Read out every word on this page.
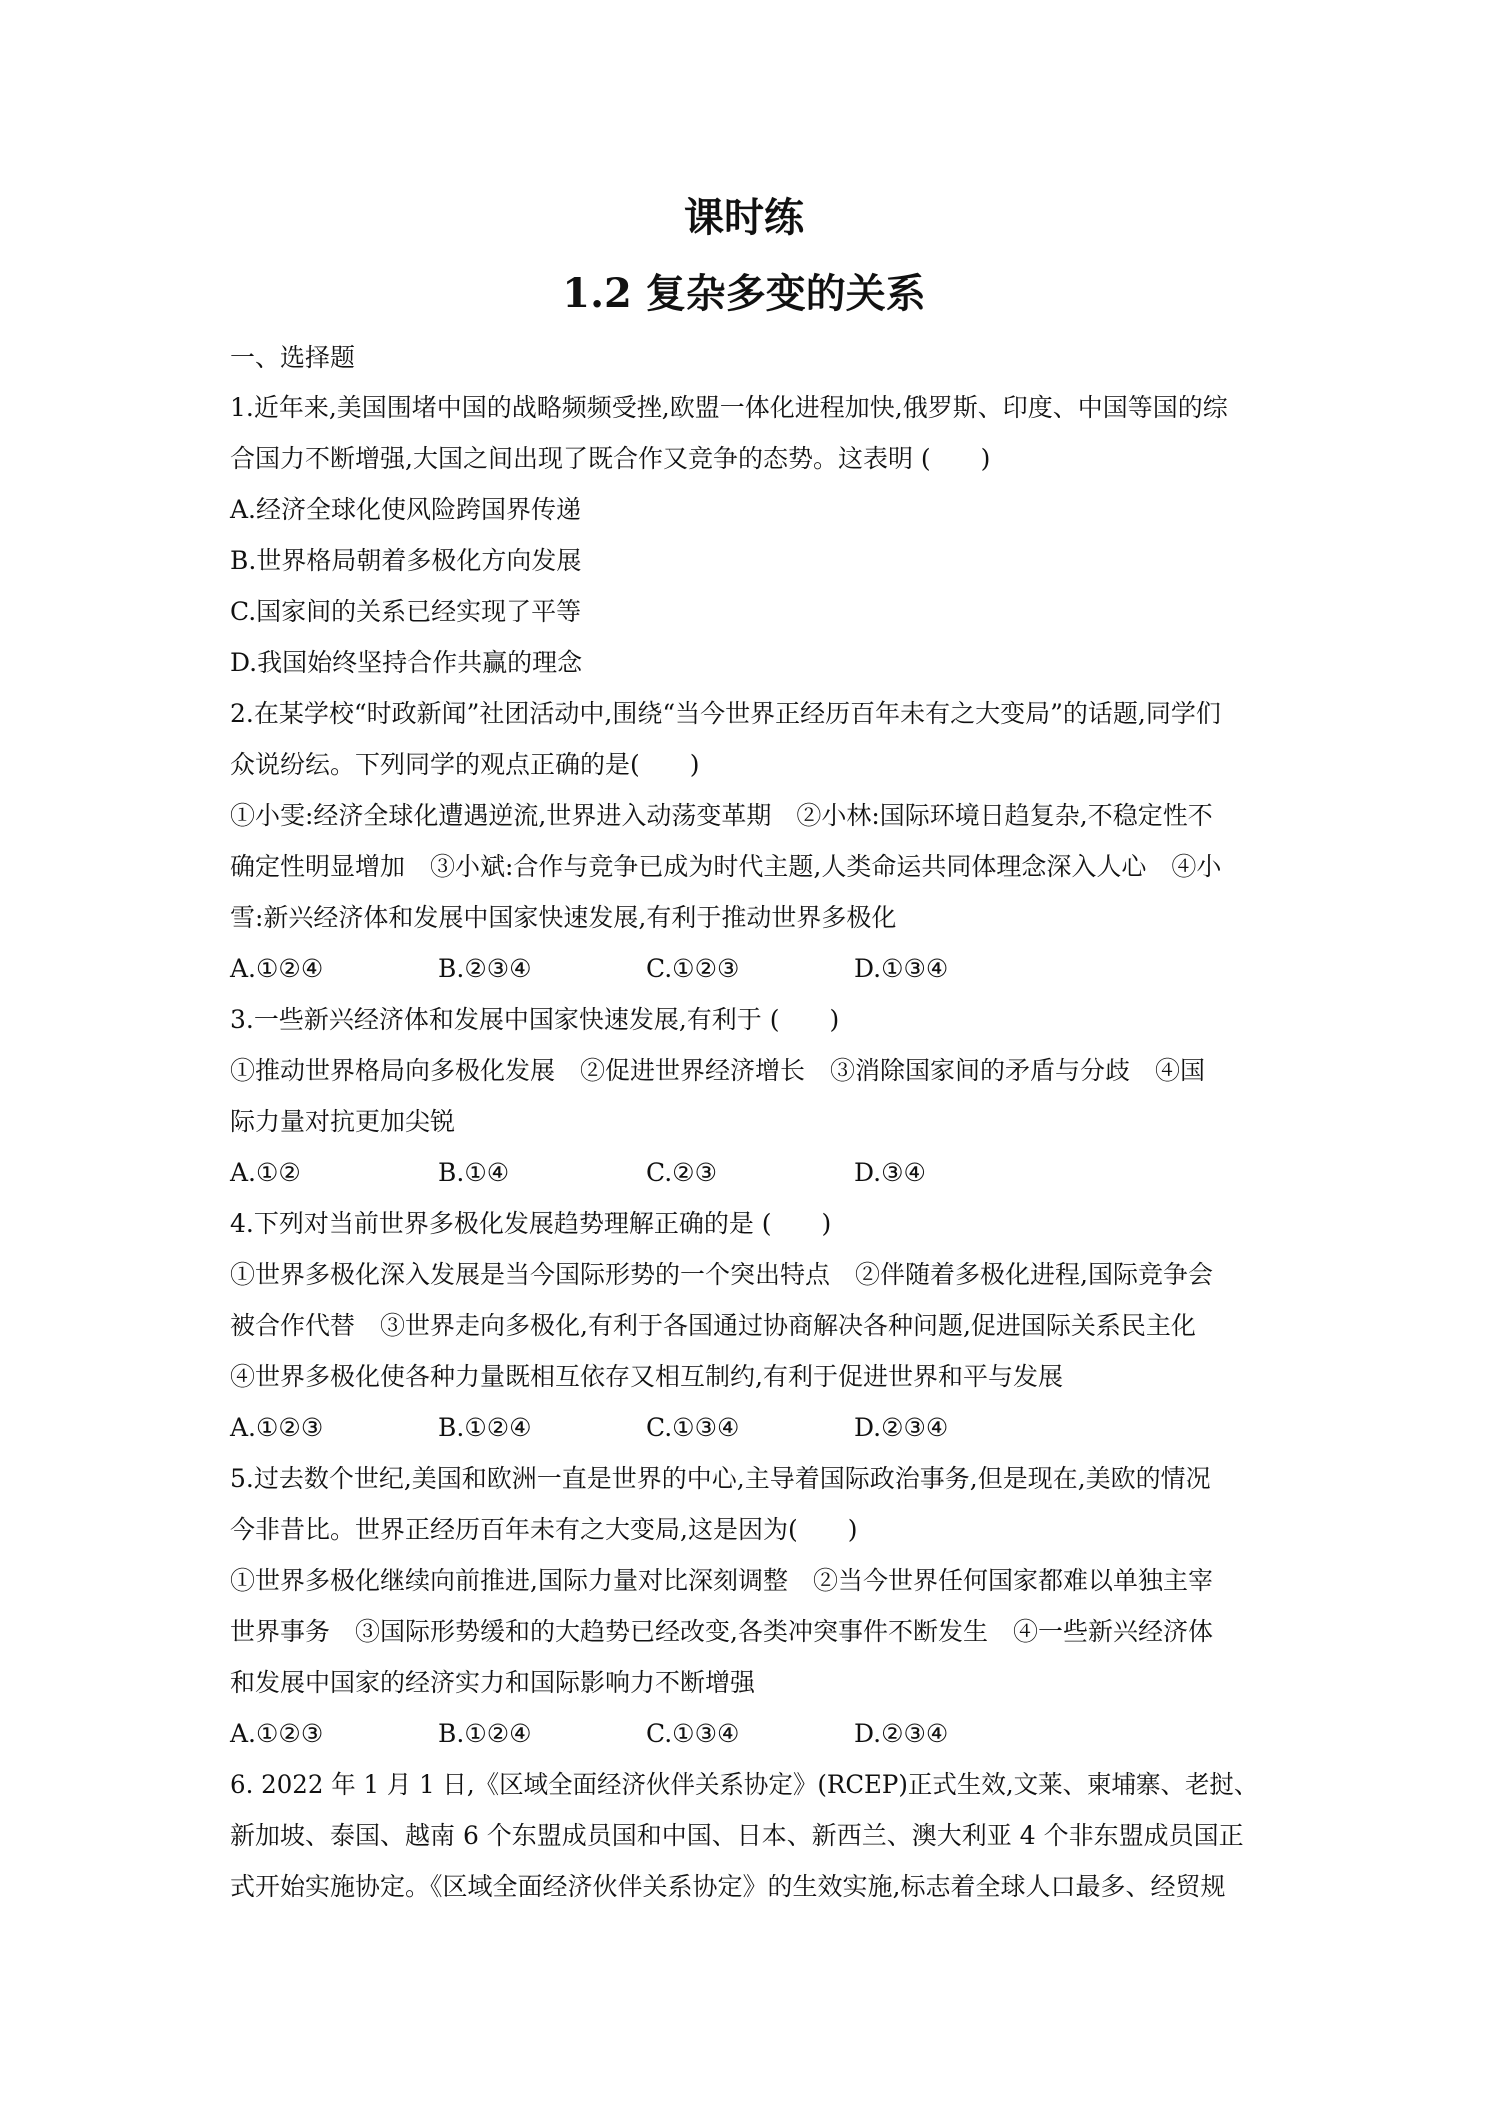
课时练
1.2 复杂多变的关系
一、选择题
1.近年来,美国围堵中国的战略频频受挫,欧盟一体化进程加快,俄罗斯、印度、中国等国的综
合国力不断增强,大国之间出现了既合作又竞争的态势。这表明 (　　)
A.经济全球化使风险跨国界传递
B.世界格局朝着多极化方向发展
C.国家间的关系已经实现了平等
D.我国始终坚持合作共赢的理念
2.在某学校“时政新闻”社团活动中,围绕“当今世界正经历百年未有之大变局”的话题,同学们
众说纷纭。下列同学的观点正确的是(　　)
①小雯:经济全球化遭遇逆流,世界进入动荡变革期　②小林:国际环境日趋复杂,不稳定性不
确定性明显增加　③小斌:合作与竞争已成为时代主题,人类命运共同体理念深入人心　④小
雪:新兴经济体和发展中国家快速发展,有利于推动世界多极化
A.①②④	B.②③④	C.①②③	D.①③④
3.一些新兴经济体和发展中国家快速发展,有利于 (　　)
①推动世界格局向多极化发展　②促进世界经济增长　③消除国家间的矛盾与分歧　④国
际力量对抗更加尖锐
A.①②	B.①④	C.②③	D.③④
4.下列对当前世界多极化发展趋势理解正确的是 (　　)
①世界多极化深入发展是当今国际形势的一个突出特点　②伴随着多极化进程,国际竞争会
被合作代替　③世界走向多极化,有利于各国通过协商解决各种问题,促进国际关系民主化
④世界多极化使各种力量既相互依存又相互制约,有利于促进世界和平与发展
A.①②③	B.①②④	C.①③④	D.②③④
5.过去数个世纪,美国和欧洲一直是世界的中心,主导着国际政治事务,但是现在,美欧的情况
今非昔比。世界正经历百年未有之大变局,这是因为(　　)
①世界多极化继续向前推进,国际力量对比深刻调整　②当今世界任何国家都难以单独主宰
世界事务　③国际形势缓和的大趋势已经改变,各类冲突事件不断发生　④一些新兴经济体
和发展中国家的经济实力和国际影响力不断增强
A.①②③	B.①②④	C.①③④	D.②③④
6. 2022 年 1 月 1 日,《区域全面经济伙伴关系协定》(RCEP)正式生效,文莱、柬埔寨、老挝、
新加坡、泰国、越南 6 个东盟成员国和中国、日本、新西兰、澳大利亚 4 个非东盟成员国正
式开始实施协定。《区域全面经济伙伴关系协定》的生效实施,标志着全球人口最多、经贸规
